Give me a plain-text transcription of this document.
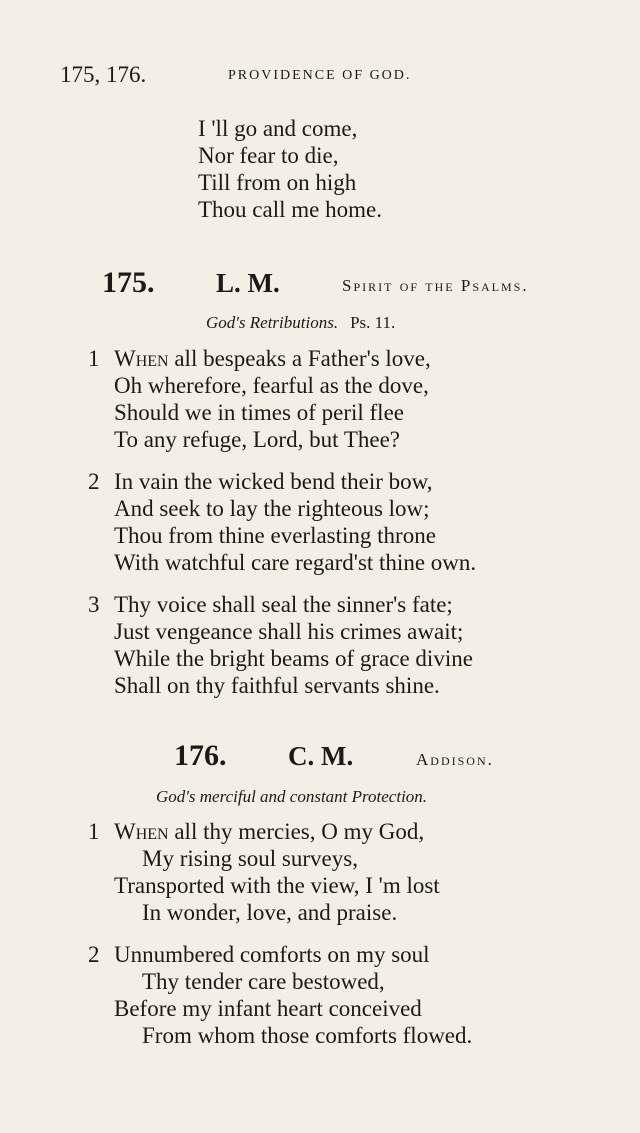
175, 176.	PROVIDENCE OF GOD.
I 'll go and come,
Nor fear to die,
Till from on high
Thou call me home.
175. L. M.	Spirit of the Psalms.
God's Retributions. Ps. 11.
1 When all bespeaks a Father's love,
Oh wherefore, fearful as the dove,
Should we in times of peril flee
To any refuge, Lord, but Thee?
2 In vain the wicked bend their bow,
And seek to lay the righteous low;
Thou from thine everlasting throne
With watchful care regard'st thine own.
3 Thy voice shall seal the sinner's fate;
Just vengeance shall his crimes await;
While the bright beams of grace divine
Shall on thy faithful servants shine.
176. C. M.	Addison.
God's merciful and constant Protection.
1 When all thy mercies, O my God,
My rising soul surveys,
Transported with the view, I 'm lost
In wonder, love, and praise.
2 Unnumbered comforts on my soul
Thy tender care bestowed,
Before my infant heart conceived
From whom those comforts flowed.
